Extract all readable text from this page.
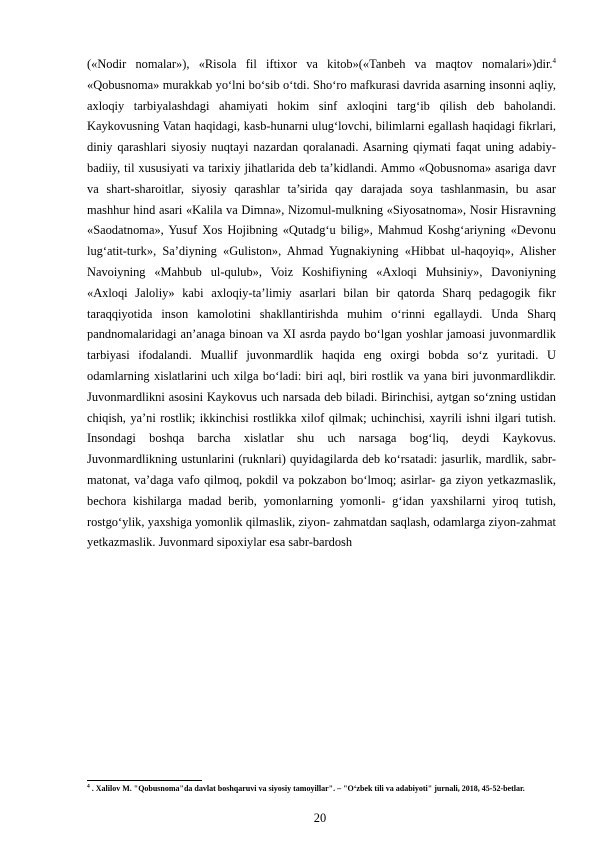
(«Nodir nomalar»), «Risola fil iftixor va kitob»(«Tanbeh va maqtov nomalari»)dir.$^4$ «Qobusnoma» murakkab yo‘lni bo‘sib o‘tdi. Sho‘ro mafkurasi davrida asarning insonni aqliy, axloqiy tarbiyalashdagi ahamiyati hokim sinf axloqini targ‘ib qilish deb baholandi. Kaykovusning Vatan haqidagi, kasb-hunarni ulug‘lovchi, bilimlarni egallash haqidagi fikrlari, diniy qarashlari siyosiy nuqtayi nazardan qoralanadi. Asarning qiymati faqat uning adabiy-badiiy, til xususiyati va tarixiy jihatlarida deb ta’kidlandi. Ammo «Qobusnoma» asariga davr va shart-sharoitlar, siyosiy qarashlar ta’sirida qay darajada soya tashlanmasin, bu asar mashhur hind asari «Kalila va Dimna», Nizomul-mulkning «Siyosatnoma», Nosir Hisravning «Saodatnoma», Yusuf Xos Hojibning «Qutadg‘u bilig», Mahmud Koshg‘ariyning «Devonu lug‘atit-turk», Sa’diyning «Guliston», Ahmad Yugnakiyning «Hibbat ul-haqoyiq», Alisher Navoiyning «Mahbub ul-qulub», Voiz Koshifiyning «Axloqi Muhsiniy», Davoniyning «Axloqi Jaloliy» kabi axloqiy-ta’limiy asarlari bilan bir qatorda Sharq pedagogik fikr taraqqiyotida inson kamolotini shakllantirishda muhim o‘rinni egallaydi. Unda Sharq pandnomalaridagi an’anaga binoan va XI asrda paydo bo‘lgan yoshlar jamoasi juvonmardlik tarbiyasi ifodalandi. Muallif juvonmardlik haqida eng oxirgi bobda so‘z yuritadi. U odamlarning xislatlarini uch xilga bo‘ladi: biri aql, biri rostlik va yana biri juvonmardlikdir. Juvonmardlikni asosini Kaykovus uch narsada deb biladi. Birinchisi, aytgan so‘zning ustidan chiqish, ya’ni rostlik; ikkinchisi rostlikka xilof qilmak; uchinchisi, xayrili ishni ilgari tutish. Insondagi boshqa barcha xislatlar shu uch narsaga bog‘liq, deydi Kaykovus. Juvonmardlikning ustunlarini (ruknlari) quyidagilarda deb ko‘rsatadi: jasurlik, mardlik, sabr-matonat, va’daga vafo qilmoq, pokdil va pokzabon bo‘lmoq; asirlar- ga ziyon yetkazmaslik, bechora kishilarga madad berib, yomonlarning yomonli- g‘idan yaxshilarni yiroq tutish, rostgo‘ylik, yaxshiga yomonlik qilmaslik, ziyon- zahmatdan saqlash, odamlarga ziyon-zahmat yetkazmaslik. Juvonmard sipoxiylar esa sabr-bardosh

$^4$ . Xalilov M. "Qobusnoma"da davlat boshqaruvi va siyosiy tamoyillar". – "O‘zbek tili va adabiyoti" jurnali, 2018, 45-52-betlar.

20
